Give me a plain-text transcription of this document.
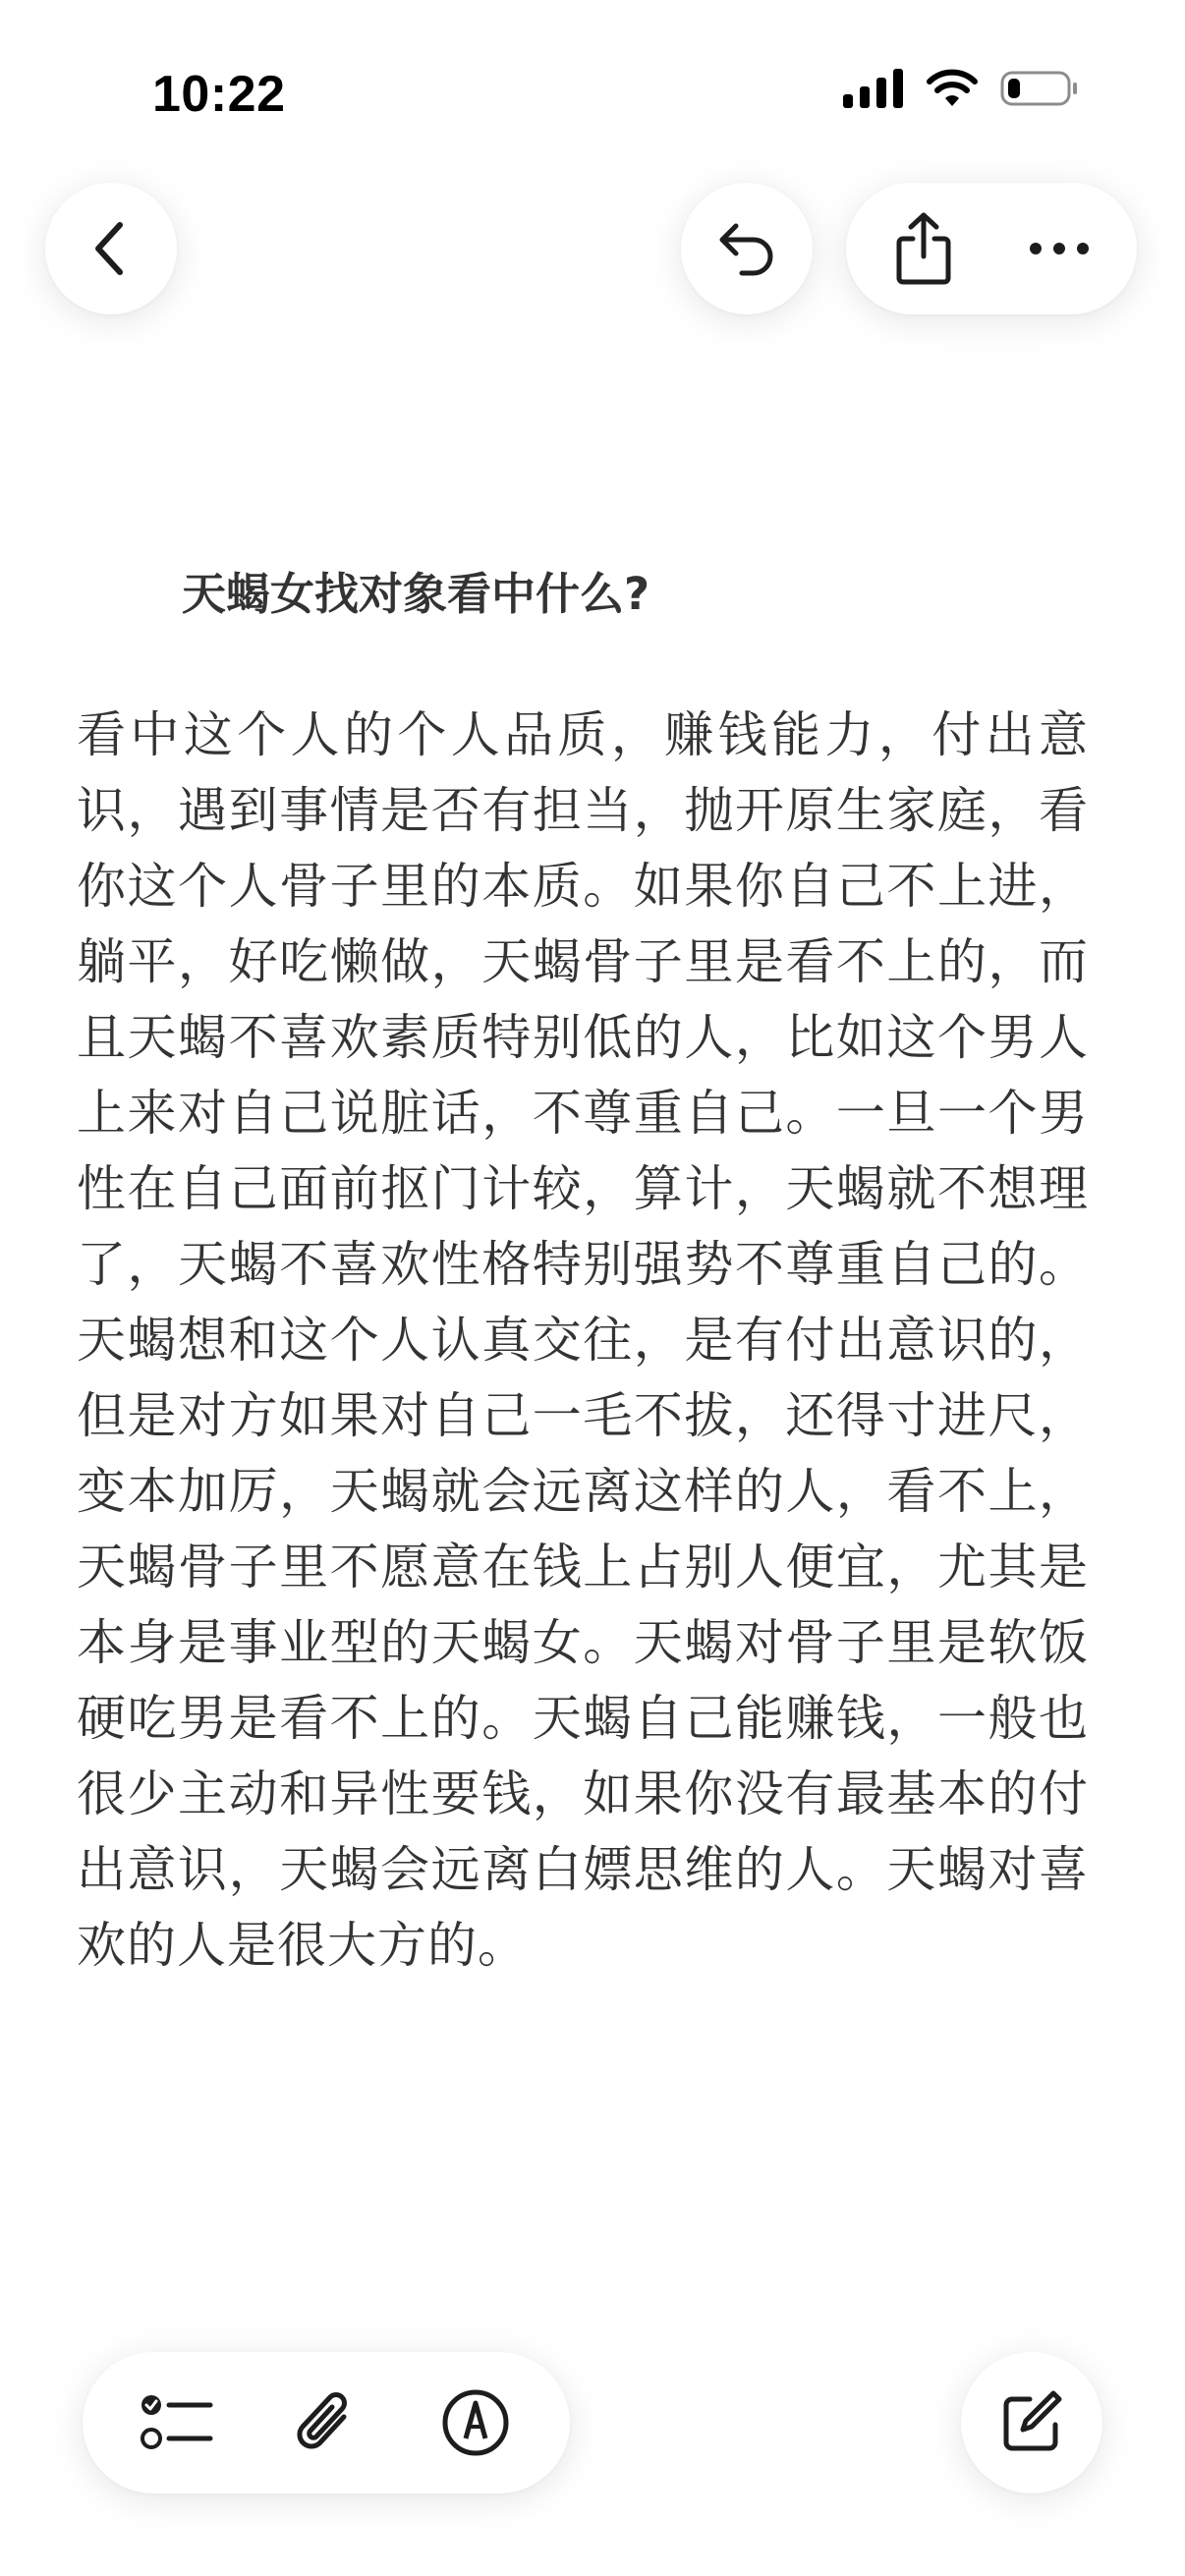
10:22
天蝎女找对象看中什么?

看中这个人的个人品质，赚钱能力，付出意识，遇到事情是否有担当，抛开原生家庭，看你这个人骨子里的本质。如果你自己不上进，躺平，好吃懒做，天蝎骨子里是看不上的，而且天蝎不喜欢素质特别低的人，比如这个男人上来对自己说脏话，不尊重自己。一旦一个男性在自己面前抠门计较，算计，天蝎就不想理了，天蝎不喜欢性格特别强势不尊重自己的。天蝎想和这个人认真交往，是有付出意识的，但是对方如果对自己一毛不拔，还得寸进尺，变本加厉，天蝎就会远离这样的人，看不上，天蝎骨子里不愿意在钱上占别人便宜，尤其是本身是事业型的天蝎女。天蝎对骨子里是软饭硬吃男是看不上的。天蝎自己能赚钱，一般也很少主动和异性要钱，如果你没有最基本的付出意识，天蝎会远离白嫖思维的人。天蝎对喜欢的人是很大方的。
